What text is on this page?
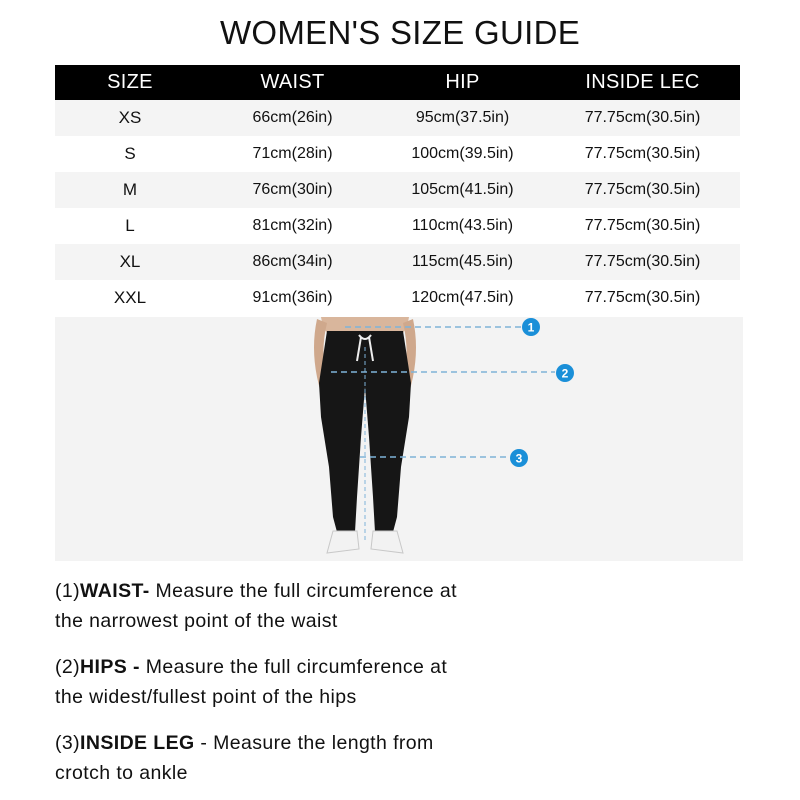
WOMEN'S SIZE GUIDE
SIZE	WAIST	HIP	INSIDE LEC
XS	66cm(26in)	95cm(37.5in)	77.75cm(30.5in)
S	71cm(28in)	100cm(39.5in)	77.75cm(30.5in)
M	76cm(30in)	105cm(41.5in)	77.75cm(30.5in)
L	81cm(32in)	110cm(43.5in)	77.75cm(30.5in)
XL	86cm(34in)	115cm(45.5in)	77.75cm(30.5in)
XXL	91cm(36in)	120cm(47.5in)	77.75cm(30.5in)
1
2
3
(1)WAIST- Measure the full circumference at
the narrowest point of the waist
(2)HIPS - Measure the full circumference at
the widest/fullest point of the hips
(3)INSIDE LEG - Measure the length from
crotch to ankle
